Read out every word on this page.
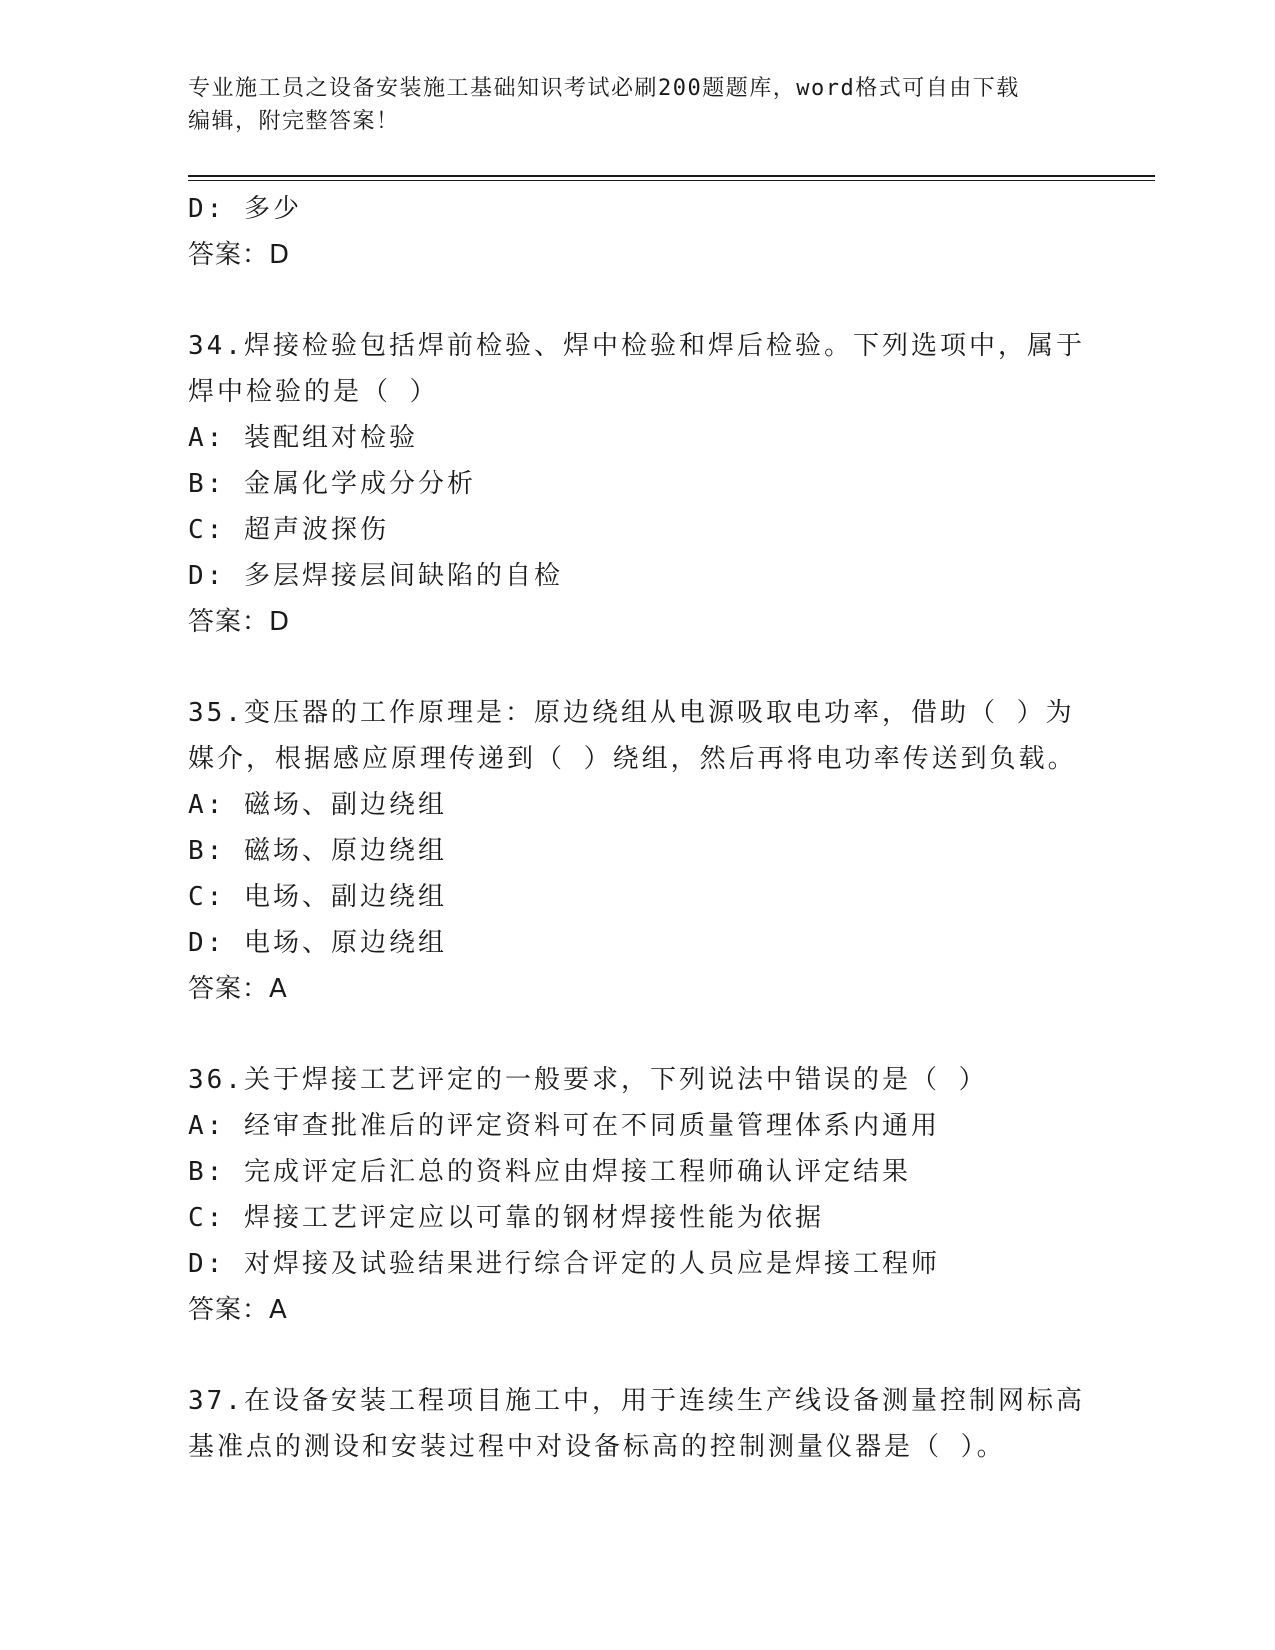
专业施工员之设备安装施工基础知识考试必刷200题题库，word格式可自由下载
编辑，附完整答案！
D: 多少
答案：D
34.焊接检验包括焊前检验、焊中检验和焊后检验。下列选项中，属于
焊中检验的是（ ）
A: 装配组对检验
B: 金属化学成分分析
C: 超声波探伤
D: 多层焊接层间缺陷的自检
答案：D
35.变压器的工作原理是：原边绕组从电源吸取电功率，借助（ ）为
媒介，根据感应原理传递到（ ）绕组，然后再将电功率传送到负载。
A: 磁场、副边绕组
B: 磁场、原边绕组
C: 电场、副边绕组
D: 电场、原边绕组
答案：A
36.关于焊接工艺评定的一般要求，下列说法中错误的是（ ）
A: 经审查批准后的评定资料可在不同质量管理体系内通用
B: 完成评定后汇总的资料应由焊接工程师确认评定结果
C: 焊接工艺评定应以可靠的钢材焊接性能为依据
D: 对焊接及试验结果进行综合评定的人员应是焊接工程师
答案：A
37.在设备安装工程项目施工中，用于连续生产线设备测量控制网标高
基准点的测设和安装过程中对设备标高的控制测量仪器是（ ）。
